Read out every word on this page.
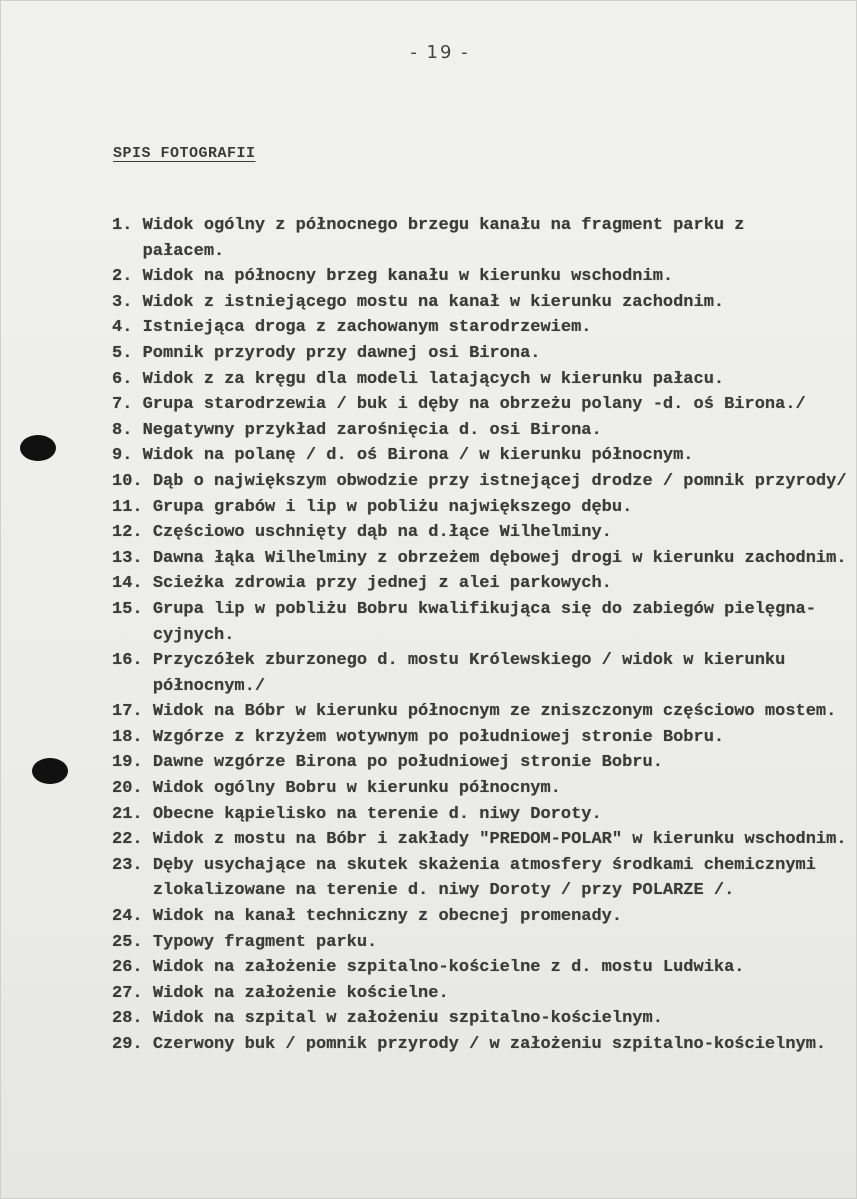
- 19 -
SPIS FOTOGRAFII
1. Widok ogólny z północnego brzegu kanału na fragment parku z
pałacem.
2. Widok na północny brzeg kanału w kierunku wschodnim.
3. Widok z istniejącego mostu na kanał w kierunku zachodnim.
4. Istniejąca droga z zachowanym starodrzewiem.
5. Pomnik przyrody przy dawnej osi Birona.
6. Widok z za kręgu dla modeli latających w kierunku pałacu.
7. Grupa starodrzewia / buk i dęby na obrzeżu polany -d. oś Birona./
8. Negatywny przykład zarośnięcia d. osi Birona.
9. Widok na polanę / d. oś Birona / w kierunku północnym.
10. Dąb o największym obwodzie przy istnejącej drodze / pomnik przyrody/
11. Grupa grabów i lip w pobliżu największego dębu.
12. Częściowo uschnięty dąb na d.łące Wilhelminy.
13. Dawna łąka Wilhelminy z obrzeżem dębowej drogi w kierunku zachodnim.
14. Scieżka zdrowia przy jednej z alei parkowych.
15. Grupa lip w pobliżu Bobru kwalifikująca się do zabiegów pielęgna-
cyjnych.
16. Przyczółek zburzonego d. mostu Królewskiego / widok w kierunku
północnym./
17. Widok na Bóbr w kierunku północnym ze zniszczonym częściowo mostem.
18. Wzgórze z krzyżem wotywnym po południowej stronie Bobru.
19. Dawne wzgórze Birona po południowej stronie Bobru.
20. Widok ogólny Bobru w kierunku północnym.
21. Obecne kąpielisko na terenie d. niwy Doroty.
22. Widok z mostu na Bóbr i zakłady "PREDOM-POLAR" w kierunku wschodnim.
23. Dęby usychające na skutek skażenia atmosfery środkami chemicznymi
zlokalizowane na terenie d. niwy Doroty / przy POLARZE /.
24. Widok na kanał techniczny z obecnej promenady.
25. Typowy fragment parku.
26. Widok na założenie szpitalno-kościelne z d. mostu Ludwika.
27. Widok na założenie kościelne.
28. Widok na szpital w założeniu szpitalno-kościelnym.
29. Czerwony buk / pomnik przyrody / w założeniu szpitalno-kościelnym.
